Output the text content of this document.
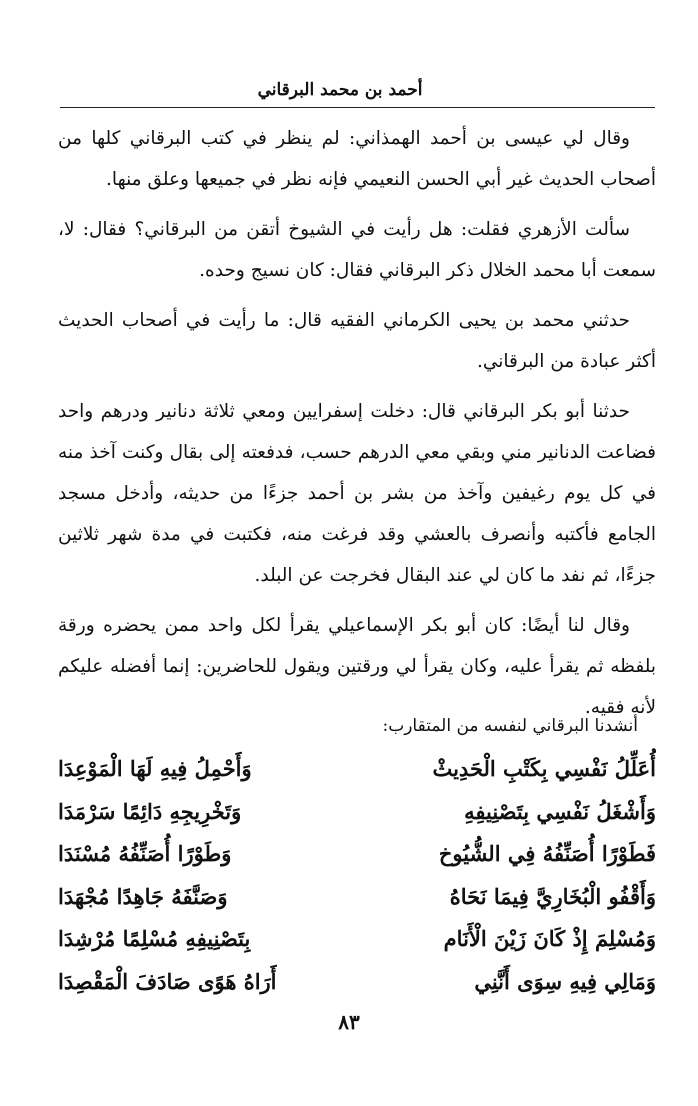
أحمد بن محمد البرقاني

وقال لي عيسى بن أحمد الهمذاني: لم ينظر في كتب البرقاني كلها من أصحاب الحديث غير أبي الحسن النعيمي فإنه نظر في جميعها وعلق منها.

سألت الأزهري فقلت: هل رأيت في الشيوخ أتقن من البرقاني؟ فقال: لا، سمعت أبا محمد الخلال ذكر البرقاني فقال: كان نسيج وحده.

حدثني محمد بن يحيى الكرماني الفقيه قال: ما رأيت في أصحاب الحديث أكثر عبادة من البرقاني.

حدثنا أبو بكر البرقاني قال: دخلت إسفرايين ومعي ثلاثة دنانير ودرهم واحد فضاعت الدنانير مني وبقي معي الدرهم حسب، فدفعته إلى بقال وكنت آخذ منه في كل يوم رغيفين وآخذ من بشر بن أحمد جزءًا من حديثه، وأدخل مسجد الجامع فأكتبه وأنصرف بالعشي وقد فرغت منه، فكتبت في مدة شهر ثلاثين جزءًا، ثم نفد ما كان لي عند البقال فخرجت عن البلد.

وقال لنا أيضًا: كان أبو بكر الإسماعيلي يقرأ لكل واحد ممن يحضره ورقة بلفظه ثم يقرأ عليه، وكان يقرأ لي ورقتين ويقول للحاضرين: إنما أفضله عليكم لأنه فقيه.

أنشدنا البرقاني لنفسه من المتقارب:
أُعَلِّلُ نَفْسِي بِكَتْبِ الْحَدِيثْ
وَأَحْمِلُ فِيهِ لَهَا الْمَوْعِدَا
وَأَشْغَلُ نَفْسِي بِتَصْنِيفِهِ
وَتَخْرِيجِهِ دَائِمًا سَرْمَدَا
فَطَوْرًا أُصَنِّفُهُ فِي الشُّيُوخ
وَطَوْرًا أُصَنِّفُهُ مُسْنَدَا
وَأَقْفُو الْبُخَارِيَّ فِيمَا نَحَاهُ
وَصَنَّفَهُ جَاهِدًا مُجْهَدَا
وَمُسْلِمَ إِذْ كَانَ زَيْنَ الْأَنَام
بِتَصْنِيفِهِ مُسْلِمًا مُرْشِدَا
وَمَالِي فِيهِ سِوَى أَنَّنِي
أَرَاهُ هَوًى صَادَفَ الْمَقْصِدَا
٨٣
